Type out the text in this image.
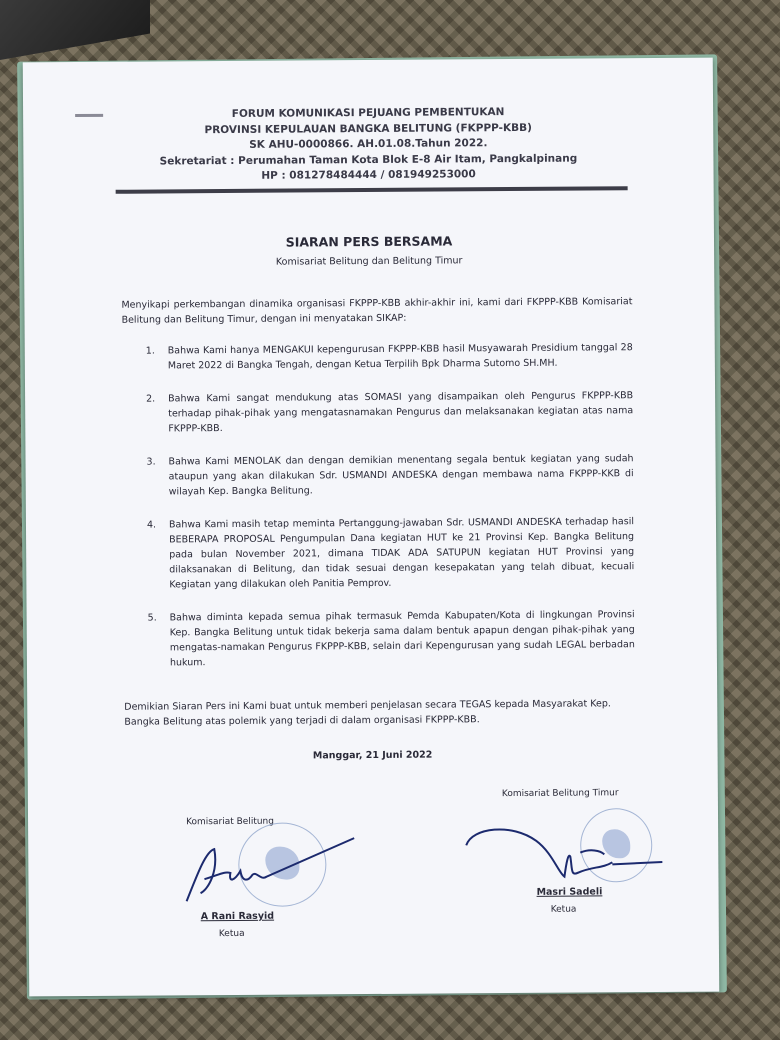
FORUM KOMUNIKASI PEJUANG PEMBENTUKAN
PROVINSI KEPULAUAN BANGKA BELITUNG (FKPPP-KBB)
SK AHU-0000866. AH.01.08.Tahun 2022.
Sekretariat : Perumahan Taman Kota Blok E-8 Air Itam, Pangkalpinang
HP : 081278484444 / 081949253000
SIARAN PERS BERSAMA
Komisariat Belitung dan Belitung Timur
Menyikapi perkembangan dinamika organisasi FKPPP-KBB akhir-akhir ini, kami dari FKPPP-KBB Komisariat Belitung dan Belitung Timur, dengan ini menyatakan SIKAP:
1. Bahwa Kami hanya MENGAKUI kepengurusan FKPPP-KBB hasil Musyawarah Presidium tanggal 28 Maret 2022 di Bangka Tengah, dengan Ketua Terpilih Bpk Dharma Sutomo SH.MH.
2. Bahwa Kami sangat mendukung atas SOMASI yang disampaikan oleh Pengurus FKPPP-KBB terhadap pihak-pihak yang mengatasnamakan Pengurus dan melaksanakan kegiatan atas nama FKPPP-KBB.
3. Bahwa Kami MENOLAK dan dengan demikian menentang segala bentuk kegiatan yang sudah ataupun yang akan dilakukan Sdr. USMANDI ANDESKA dengan membawa nama FKPPP-KKB di wilayah Kep. Bangka Belitung.
4. Bahwa Kami masih tetap meminta Pertanggung-jawaban Sdr. USMANDI ANDESKA terhadap hasil BEBERAPA PROPOSAL Pengumpulan Dana kegiatan HUT ke 21 Provinsi Kep. Bangka Belitung pada bulan November 2021, dimana TIDAK ADA SATUPUN kegiatan HUT Provinsi yang dilaksanakan di Belitung, dan tidak sesuai dengan kesepakatan yang telah dibuat, kecuali Kegiatan yang dilakukan oleh Panitia Pemprov.
5. Bahwa diminta kepada semua pihak termasuk Pemda Kabupaten/Kota di lingkungan Provinsi Kep. Bangka Belitung untuk tidak bekerja sama dalam bentuk apapun dengan pihak-pihak yang mengatas-namakan Pengurus FKPPP-KBB, selain dari Kepengurusan yang sudah LEGAL berbadan hukum.
Demikian Siaran Pers ini Kami buat untuk memberi penjelasan secara TEGAS kepada Masyarakat Kep. Bangka Belitung atas polemik yang terjadi di dalam organisasi FKPPP-KBB.
Manggar, 21 Juni 2022
Komisariat Belitung
A Rani Rasyid
Ketua
Komisariat Belitung Timur
Masri Sadeli
Ketua
